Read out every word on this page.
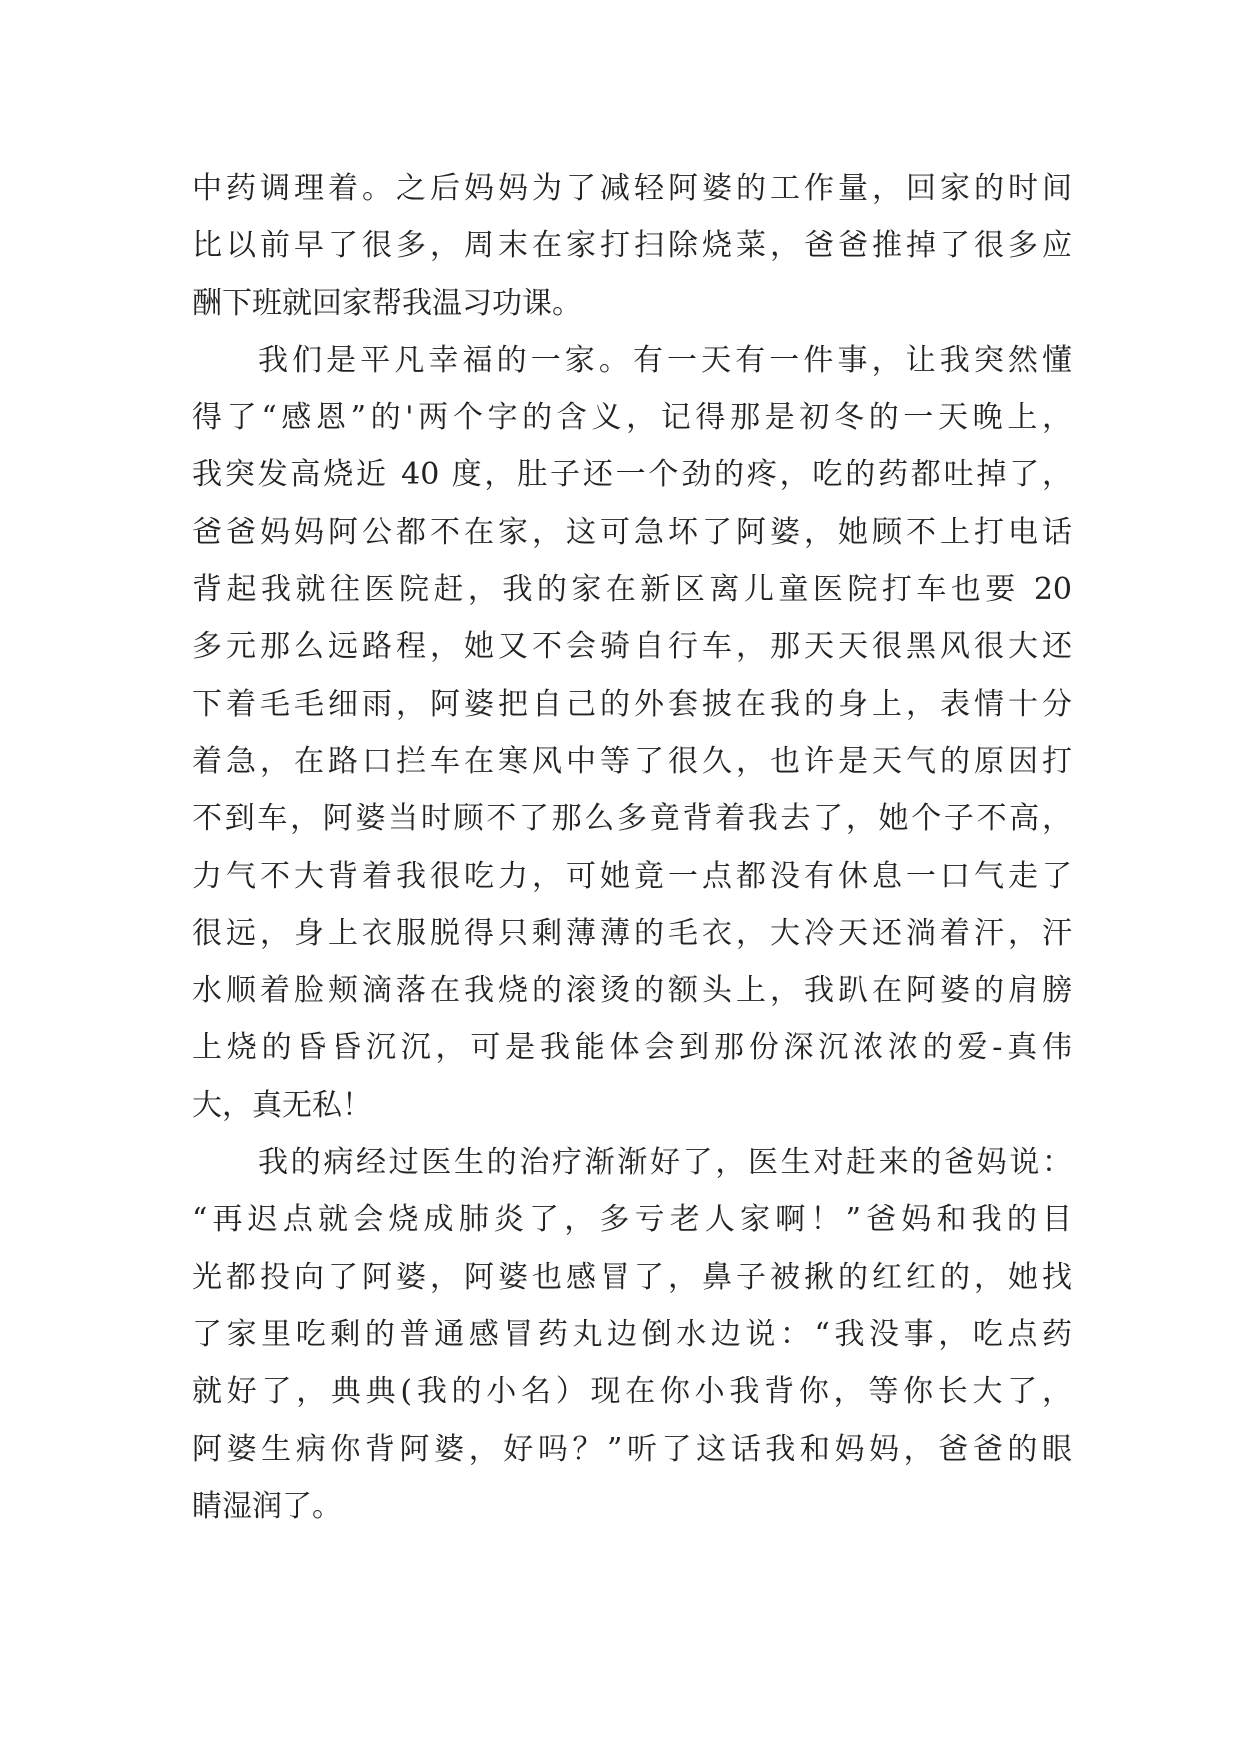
中药调理着。之后妈妈为了减轻阿婆的工作量，回家的时间
比以前早了很多，周末在家打扫除烧菜，爸爸推掉了很多应
酬下班就回家帮我温习功课。
我们是平凡幸福的一家。有一天有一件事，让我突然懂
得了“感恩”的'两个字的含义，记得那是初冬的一天晚上，
我突发高烧近 40 度，肚子还一个劲的疼，吃的药都吐掉了，
爸爸妈妈阿公都不在家，这可急坏了阿婆，她顾不上打电话
背起我就往医院赶，我的家在新区离儿童医院打车也要 20
多元那么远路程，她又不会骑自行车，那天天很黑风很大还
下着毛毛细雨，阿婆把自己的外套披在我的身上，表情十分
着急，在路口拦车在寒风中等了很久，也许是天气的原因打
不到车，阿婆当时顾不了那么多竟背着我去了，她个子不高，
力气不大背着我很吃力，可她竟一点都没有休息一口气走了
很远，身上衣服脱得只剩薄薄的毛衣，大冷天还淌着汗，汗
水顺着脸颊滴落在我烧的滚烫的额头上，我趴在阿婆的肩膀
上烧的昏昏沉沉，可是我能体会到那份深沉浓浓的爱-真伟
大，真无私！
我的病经过医生的治疗渐渐好了，医生对赶来的爸妈说：
“再迟点就会烧成肺炎了，多亏老人家啊！”爸妈和我的目
光都投向了阿婆，阿婆也感冒了，鼻子被揪的红红的，她找
了家里吃剩的普通感冒药丸边倒水边说：“我没事，吃点药
就好了，典典(我的小名）现在你小我背你，等你长大了，
阿婆生病你背阿婆，好吗？”听了这话我和妈妈，爸爸的眼
睛湿润了。
